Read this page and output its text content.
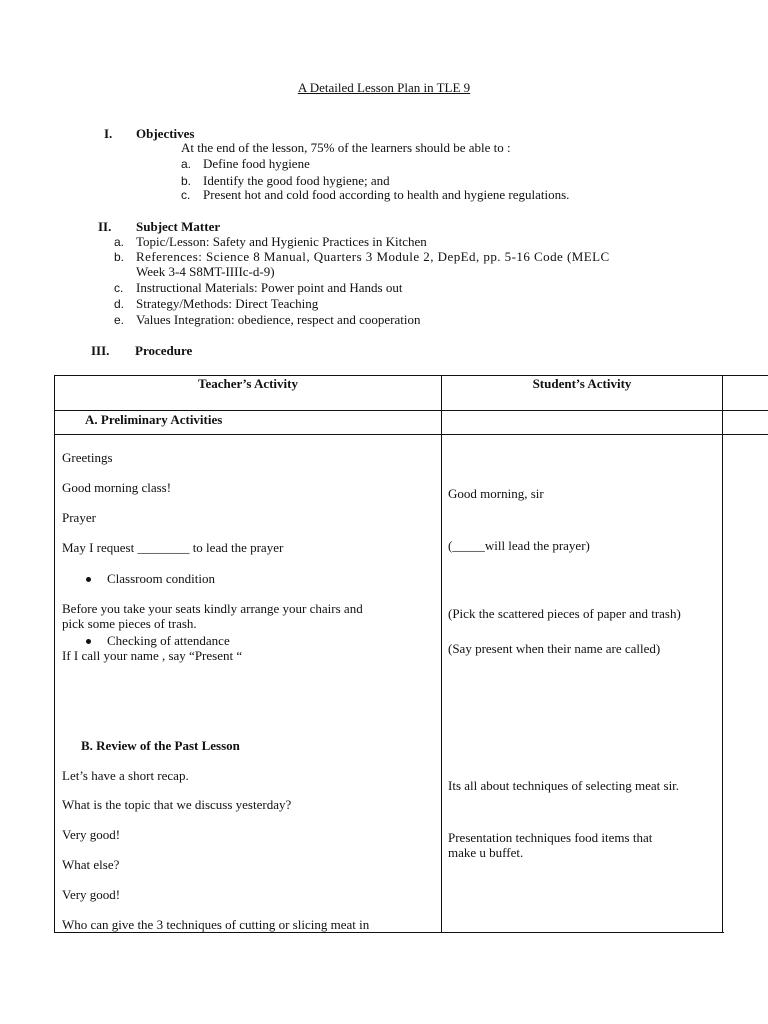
A Detailed Lesson Plan in TLE 9
I. Objectives
At the end of the lesson, 75% of the learners should be able to :
a. Define food hygiene
b. Identify the good food hygiene; and
c. Present hot and cold food according to health and hygiene regulations.
II. Subject Matter
a. Topic/Lesson: Safety and Hygienic Practices in Kitchen
b. References: Science 8 Manual, Quarters 3 Module 2, DepEd, pp. 5-16 Code (MELC
Week 3-4 S8MT-IIIIc-d-9)
c. Instructional Materials: Power point and Hands out
d. Strategy/Methods: Direct Teaching
e. Values Integration: obedience, respect and cooperation
III. Procedure
Teacher’s Activity	Student’s Activity
A. Preliminary Activities
Greetings
Good morning class!
Prayer
May I request ________ to lead the prayer
Classroom condition
Before you take your seats kindly arrange your chairs and
pick some pieces of trash.
Checking of attendance
If I call your name , say “Present “
B. Review of the Past Lesson
Let’s have a short recap.
What is the topic that we discuss yesterday?
Very good!
What else?
Very good!
Who can give the 3 techniques of cutting or slicing meat in
Good morning, sir
(_____will lead the prayer)
(Pick the scattered pieces of paper and trash)
(Say present when their name are called)
Its all about techniques of selecting meat sir.
Presentation techniques food items that
make u buffet.
